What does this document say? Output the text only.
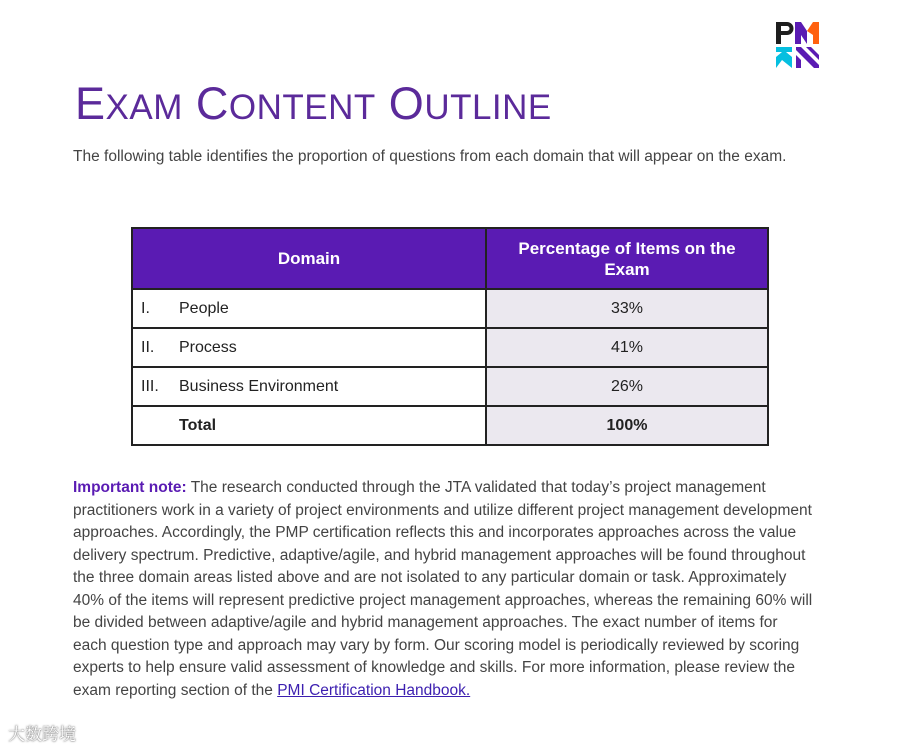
EXAM CONTENT OUTLINE

The following table identifies the proportion of questions from each domain that will appear on the exam.

Domain	Percentage of Items on the Exam
I. People	33%
II. Process	41%
III. Business Environment	26%
Total	100%

Important note: The research conducted through the JTA validated that today’s project management practitioners work in a variety of project environments and utilize different project management development approaches. Accordingly, the PMP certification reflects this and incorporates approaches across the value delivery spectrum. Predictive, adaptive/agile, and hybrid management approaches will be found throughout the three domain areas listed above and are not isolated to any particular domain or task. Approximately 40% of the items will represent predictive project management approaches, whereas the remaining 60% will be divided between adaptive/agile and hybrid management approaches. The exact number of items for each question type and approach may vary by form. Our scoring model is periodically reviewed by scoring experts to help ensure valid assessment of knowledge and skills. For more information, please review the exam reporting section of the PMI Certification Handbook.

大数跨境
